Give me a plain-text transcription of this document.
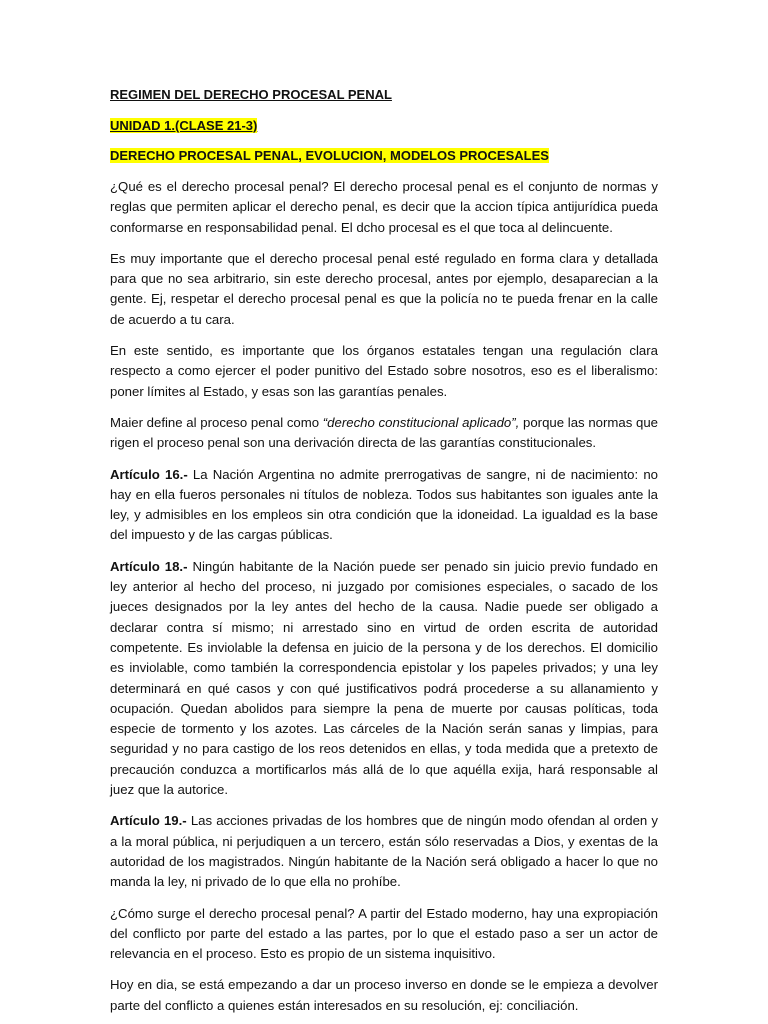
REGIMEN DEL DERECHO PROCESAL PENAL
UNIDAD 1.(CLASE 21-3)
DERECHO PROCESAL PENAL, EVOLUCION, MODELOS PROCESALES

¿Qué es el derecho procesal penal? El derecho procesal penal es el conjunto de normas y reglas que permiten aplicar el derecho penal, es decir que la accion típica antijurídica pueda conformarse en responsabilidad penal. El dcho procesal es el que toca al delincuente.

Es muy importante que el derecho procesal penal esté regulado en forma clara y detallada para que no sea arbitrario, sin este derecho procesal, antes por ejemplo, desaparecian a la gente. Ej, respetar el derecho procesal penal es que la policía no te pueda frenar en la calle de acuerdo a tu cara.

En este sentido, es importante que los órganos estatales tengan una regulación clara respecto a como ejercer el poder punitivo del Estado sobre nosotros, eso es el liberalismo: poner límites al Estado, y esas son las garantías penales.

Maier define al proceso penal como “derecho constitucional aplicado”, porque las normas que rigen el proceso penal son una derivación directa de las garantías constitucionales.

Artículo 16.- La Nación Argentina no admite prerrogativas de sangre, ni de nacimiento: no hay en ella fueros personales ni títulos de nobleza. Todos sus habitantes son iguales ante la ley, y admisibles en los empleos sin otra condición que la idoneidad. La igualdad es la base del impuesto y de las cargas públicas.

Artículo 18.- Ningún habitante de la Nación puede ser penado sin juicio previo fundado en ley anterior al hecho del proceso, ni juzgado por comisiones especiales, o sacado de los jueces designados por la ley antes del hecho de la causa. Nadie puede ser obligado a declarar contra sí mismo; ni arrestado sino en virtud de orden escrita de autoridad competente. Es inviolable la defensa en juicio de la persona y de los derechos. El domicilio es inviolable, como también la correspondencia epistolar y los papeles privados; y una ley determinará en qué casos y con qué justificativos podrá procederse a su allanamiento y ocupación. Quedan abolidos para siempre la pena de muerte por causas políticas, toda especie de tormento y los azotes. Las cárceles de la Nación serán sanas y limpias, para seguridad y no para castigo de los reos detenidos en ellas, y toda medida que a pretexto de precaución conduzca a mortificarlos más allá de lo que aquélla exija, hará responsable al juez que la autorice.

Artículo 19.- Las acciones privadas de los hombres que de ningún modo ofendan al orden y a la moral pública, ni perjudiquen a un tercero, están sólo reservadas a Dios, y exentas de la autoridad de los magistrados. Ningún habitante de la Nación será obligado a hacer lo que no manda la ley, ni privado de lo que ella no prohíbe.

¿Cómo surge el derecho procesal penal? A partir del Estado moderno, hay una expropiación del conflicto por parte del estado a las partes, por lo que el estado paso a ser un actor de relevancia en el proceso. Esto es propio de un sistema inquisitivo.

Hoy en dia, se está empezando a dar un proceso inverso en donde se le empieza a devolver parte del conflicto a quienes están interesados en su resolución, ej: conciliación.
